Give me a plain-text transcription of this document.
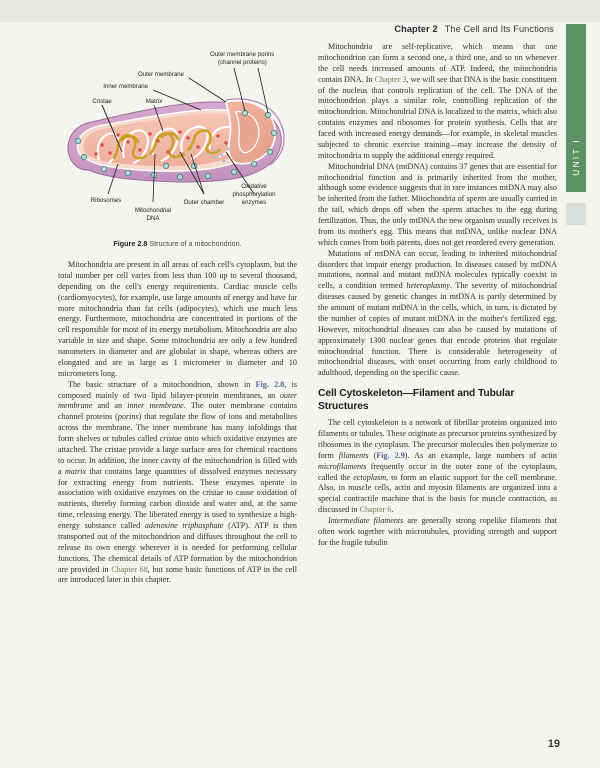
Chapter 2 The Cell and Its Functions
UNIT I
Outer membrane porins
(channel proteins)
Outer membrane
Inner membrane
Cristae	Matrix
Ribosomes
Mitochondrial
DNA
Outer chamber
Oxidative
phosphorylation
enzymes
Figure 2.8 Structure of a mitochondrion.

Mitochondria are present in all areas of each cell's cytoplasm, but the total number per cell varies from less than 100 up to several thousand, depending on the cell's energy requirements. Cardiac muscle cells (cardiomyocytes), for example, use large amounts of energy and have far more mitochondria than fat cells (adipocytes), which use much less energy. Furthermore, mitochondria are concentrated in portions of the cell responsible for most of its energy metabolism. Mitochondria are also variable in size and shape. Some mitochondria are only a few hundred nanometers in diameter and are globular in shape, whereas others are elongated and are as large as 1 micrometer in diameter and 10 micrometers long.

The basic structure of a mitochondrion, shown in Fig. 2.8, is composed mainly of two lipid bilayer-protein membranes, an outer membrane and an inner membrane. The outer membrane contains channel proteins (porins) that regulate the flow of ions and metabolites across the membrane. The inner membrane has many infoldings that form shelves or tubules called cristae onto which oxidative enzymes are attached. The cristae provide a large surface area for chemical reactions to occur. In addition, the inner cavity of the mitochondrion is filled with a matrix that contains large quantities of dissolved enzymes necessary for extracting energy from nutrients. These enzymes operate in association with oxidative enzymes on the cristae to cause oxidation of nutrients, thereby forming carbon dioxide and water and, at the same time, releasing energy. The liberated energy is used to synthesize a high-energy substance called adenosine triphosphate (ATP). ATP is then transported out of the mitochondrion and diffuses throughout the cell to release its own energy wherever it is needed for performing cellular functions. The chemical details of ATP formation by the mitochondrion are provided in Chapter 68, but some basic functions of ATP in the cell are introduced later in this chapter.

Mitochondria are self-replicative, which means that one mitochondrion can form a second one, a third one, and so on whenever the cell needs increased amounts of ATP. Indeed, the mitochondria contain DNA. In Chapter 3, we will see that DNA is the basic constituent of the nucleus that controls replication of the cell. The DNA of the mitochondrion plays a similar role, controlling replication of the mitochondrion. Mitochondrial DNA is localized to the matrix, which also contains enzymes and ribosomes for protein synthesis. Cells that are faced with increased energy demands—for example, in skeletal muscles subjected to chronic exercise training—may increase the density of mitochondria to supply the additional energy required.

Mitochondrial DNA (mtDNA) contains 37 genes that are essential for mitochondrial function and is primarily inherited from the mother, although some evidence suggests that in rare instances mtDNA may also be inherited from the father. Mitochondria of sperm are usually carried in the tail, which drops off when the sperm attaches to the egg during fertilization. Thus, the only mtDNA the new organism usually receives is from its mother's egg. This means that mtDNA, unlike nuclear DNA which comes from both parents, does not get reordered every generation.

Mutations of mtDNA can occur, leading to inherited mitochondrial disorders that impair energy production. In diseases caused by mtDNA mutations, normal and mutant mtDNA molecules typically coexist in cells, a condition termed heteroplasmy. The severity of mitochondrial diseases caused by genetic changes in mtDNA is partly determined by the amount of mutant mtDNA in the cells, which, in turn, is dictated by the number of copies of mutant mtDNA in the mother's fertilized egg. However, mitochondrial diseases can also be caused by mutations of approximately 1300 nuclear genes that encode proteins that regulate mitochondrial function. There is considerable heterogeneity of mitochondrial diseases, with onset occurring from early childhood to adulthood, depending on the specific cause.

Cell Cytoskeleton—Filament and Tubular Structures

The cell cytoskeleton is a network of fibrillar proteins organized into filaments or tubules. These originate as precursor proteins synthesized by ribosomes in the cytoplasm. The precursor molecules then polymerize to form filaments (Fig. 2.9). As an example, large numbers of actin microfilaments frequently occur in the outer zone of the cytoplasm, called the ectoplasm, to form an elastic support for the cell membrane. Also, in muscle cells, actin and myosin filaments are organized into a special contractile machine that is the basis for muscle contraction, as discussed in Chapter 6.

Intermediate filaments are generally strong ropelike filaments that often work together with microtubules, providing strength and support for the fragile tubulin

19
